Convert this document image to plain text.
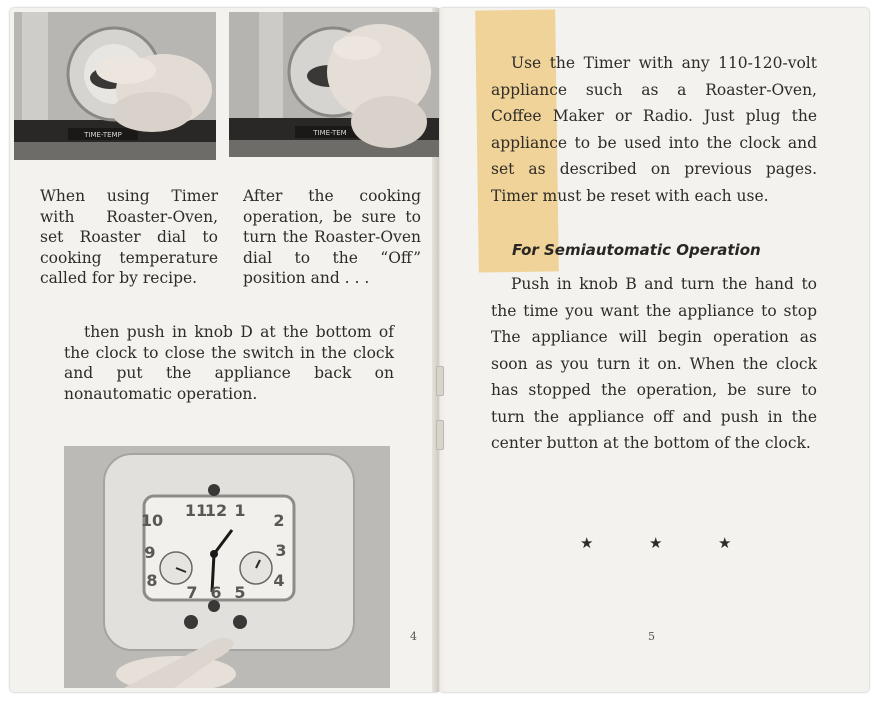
TIME-TEMP	TIME-TEM
When using Timer with Roaster-Oven, set Roaster dial to cooking temperature called for by recipe.
After the cooking operation, be sure to turn the Roaster-Oven dial to the “Off” position and . . .
then push in knob D at the bottom of the clock to close the switch in the clock and put the appliance back on nonautomatic operation.
11
12 1
2
3
4
5
6
7
8
9
10
4
Use the Timer with any 110-120-volt appliance such as a Roaster-Oven, Coffee Maker or Radio. Just plug the appliance to be used into the clock and set as described on previous pages. Timer must be reset with each use.
For Semiautomatic Operation
Push in knob B and turn the hand to the time you want the appliance to stop The appliance will begin operation as soon as you turn it on. When the clock has stopped the operation, be sure to turn the appliance off and push in the center button at the bottom of the clock.
★	★	★
5
